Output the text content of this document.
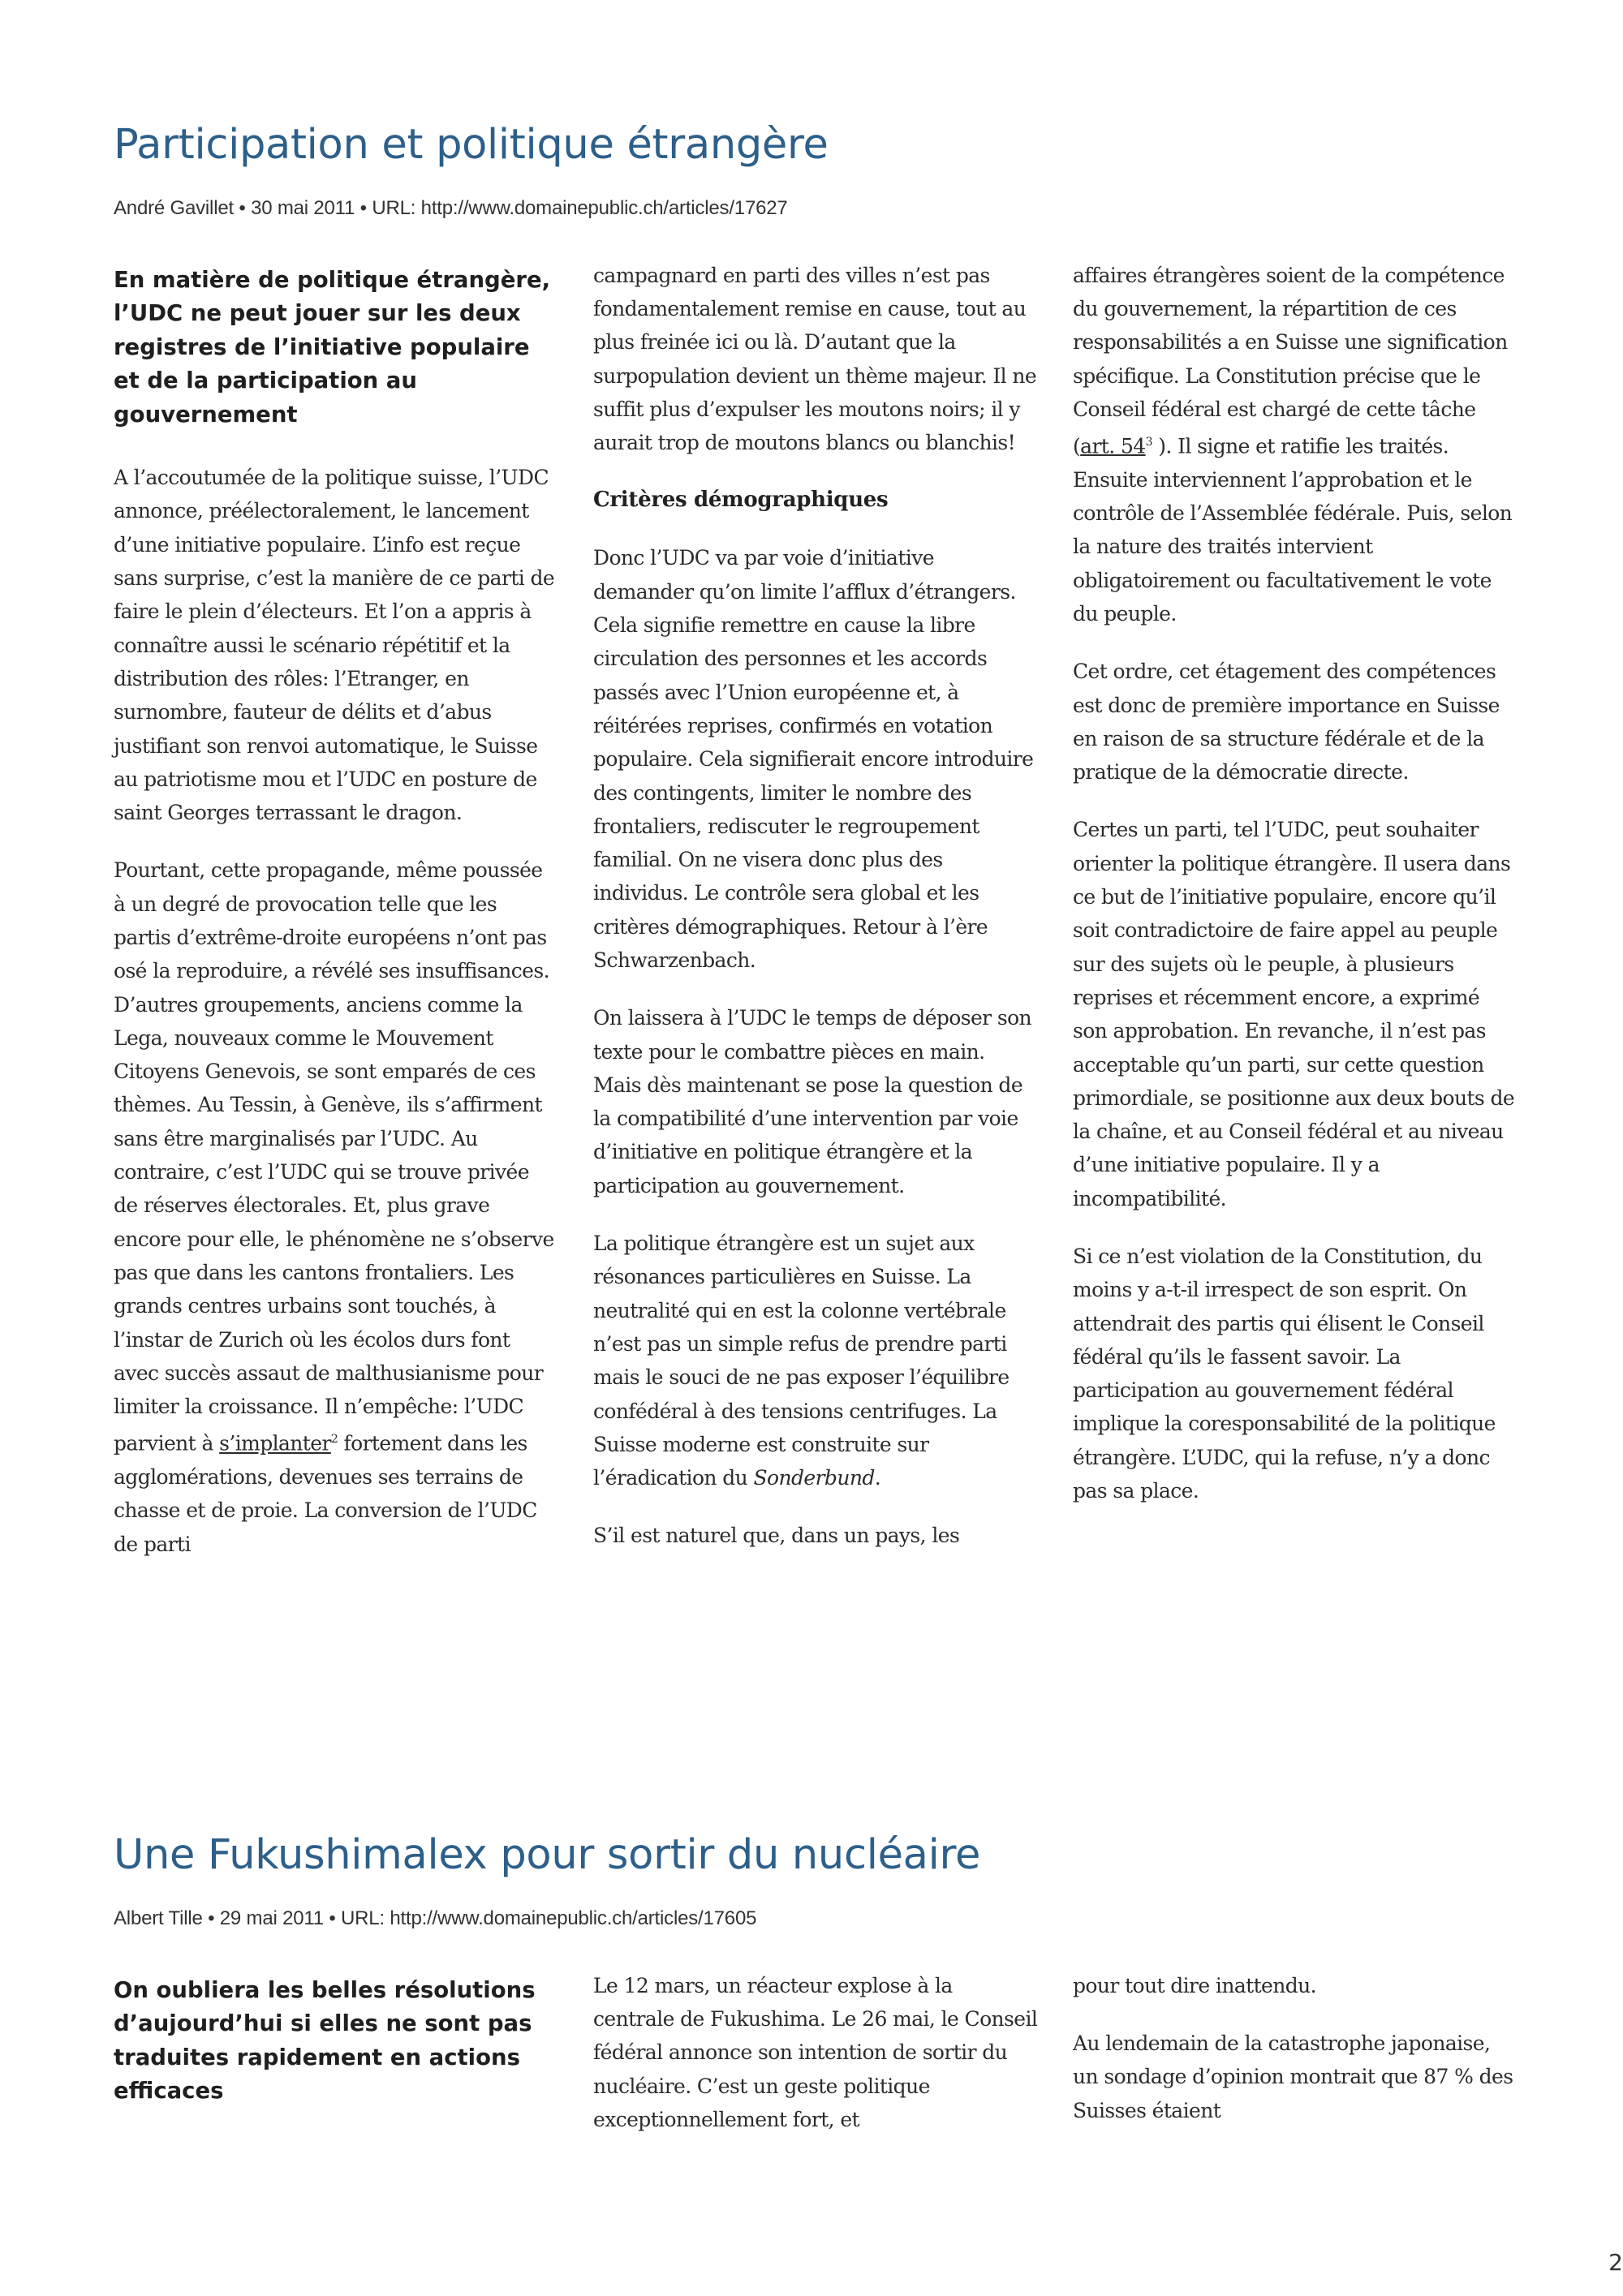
Participation et politique étrangère
André Gavillet • 30 mai 2011 • URL: http://www.domainepublic.ch/articles/17627

En matière de politique étrangère, l’UDC ne peut jouer sur les deux registres de l’initiative populaire et de la participation au gouvernement

A l’accoutumée de la politique suisse, l’UDC annonce, préélectoralement, le lancement d’une initiative populaire. L’info est reçue sans surprise, c’est la manière de ce parti de faire le plein d’électeurs. Et l’on a appris à connaître aussi le scénario répétitif et la distribution des rôles: l’Etranger, en surnombre, fauteur de délits et d’abus justifiant son renvoi automatique, le Suisse au patriotisme mou et l’UDC en posture de saint Georges terrassant le dragon.

Pourtant, cette propagande, même poussée à un degré de provocation telle que les partis d’extrême-droite européens n’ont pas osé la reproduire, a révélé ses insuffisances. D’autres groupements, anciens comme la Lega, nouveaux comme le Mouvement Citoyens Genevois, se sont emparés de ces thèmes. Au Tessin, à Genève, ils s’affirment sans être marginalisés par l’UDC. Au contraire, c’est l’UDC qui se trouve privée de réserves électorales. Et, plus grave encore pour elle, le phénomène ne s’observe pas que dans les cantons frontaliers. Les grands centres urbains sont touchés, à l’instar de Zurich où les écolos durs font avec succès assaut de malthusianisme pour limiter la croissance. Il n’empêche: l’UDC parvient à s’implanter$^2$ fortement dans les agglomérations, devenues ses terrains de chasse et de proie. La conversion de l’UDC de parti

campagnard en parti des villes n’est pas fondamentalement remise en cause, tout au plus freinée ici ou là. D’autant que la surpopulation devient un thème majeur. Il ne suffit plus d’expulser les moutons noirs; il y aurait trop de moutons blancs ou blanchis!

Critères démographiques

Donc l’UDC va par voie d’initiative demander qu’on limite l’afflux d’étrangers. Cela signifie remettre en cause la libre circulation des personnes et les accords passés avec l’Union européenne et, à réitérées reprises, confirmés en votation populaire. Cela signifierait encore introduire des contingents, limiter le nombre des frontaliers, rediscuter le regroupement familial. On ne visera donc plus des individus. Le contrôle sera global et les critères démographiques. Retour à l’ère Schwarzenbach.

On laissera à l’UDC le temps de déposer son texte pour le combattre pièces en main. Mais dès maintenant se pose la question de la compatibilité d’une intervention par voie d’initiative en politique étrangère et la participation au gouvernement.

La politique étrangère est un sujet aux résonances particulières en Suisse. La neutralité qui en est la colonne vertébrale n’est pas un simple refus de prendre parti mais le souci de ne pas exposer l’équilibre confédéral à des tensions centrifuges. La Suisse moderne est construite sur l’éradication du Sonderbund.

S’il est naturel que, dans un pays, les

affaires étrangères soient de la compétence du gouvernement, la répartition de ces responsabilités a en Suisse une signification spécifique. La Constitution précise que le Conseil fédéral est chargé de cette tâche (art. 54$^3$ ). Il signe et ratifie les traités. Ensuite interviennent l’approbation et le contrôle de l’Assemblée fédérale. Puis, selon la nature des traités intervient obligatoirement ou facultativement le vote du peuple.

Cet ordre, cet étagement des compétences est donc de première importance en Suisse en raison de sa structure fédérale et de la pratique de la démocratie directe.

Certes un parti, tel l’UDC, peut souhaiter orienter la politique étrangère. Il usera dans ce but de l’initiative populaire, encore qu’il soit contradictoire de faire appel au peuple sur des sujets où le peuple, à plusieurs reprises et récemment encore, a exprimé son approbation. En revanche, il n’est pas acceptable qu’un parti, sur cette question primordiale, se positionne aux deux bouts de la chaîne, et au Conseil fédéral et au niveau d’une initiative populaire. Il y a incompatibilité.

Si ce n’est violation de la Constitution, du moins y a-t-il irrespect de son esprit. On attendrait des partis qui élisent le Conseil fédéral qu’ils le fassent savoir. La participation au gouvernement fédéral implique la coresponsabilité de la politique étrangère. L’UDC, qui la refuse, n’y a donc pas sa place.

Une Fukushimalex pour sortir du nucléaire
Albert Tille • 29 mai 2011 • URL: http://www.domainepublic.ch/articles/17605

On oubliera les belles résolutions d’aujourd’hui si elles ne sont pas traduites rapidement en actions efficaces

Le 12 mars, un réacteur explose à la centrale de Fukushima. Le 26 mai, le Conseil fédéral annonce son intention de sortir du nucléaire. C’est un geste politique exceptionnellement fort, et

pour tout dire inattendu.

Au lendemain de la catastrophe japonaise, un sondage d’opinion montrait que 87 % des Suisses étaient

2
